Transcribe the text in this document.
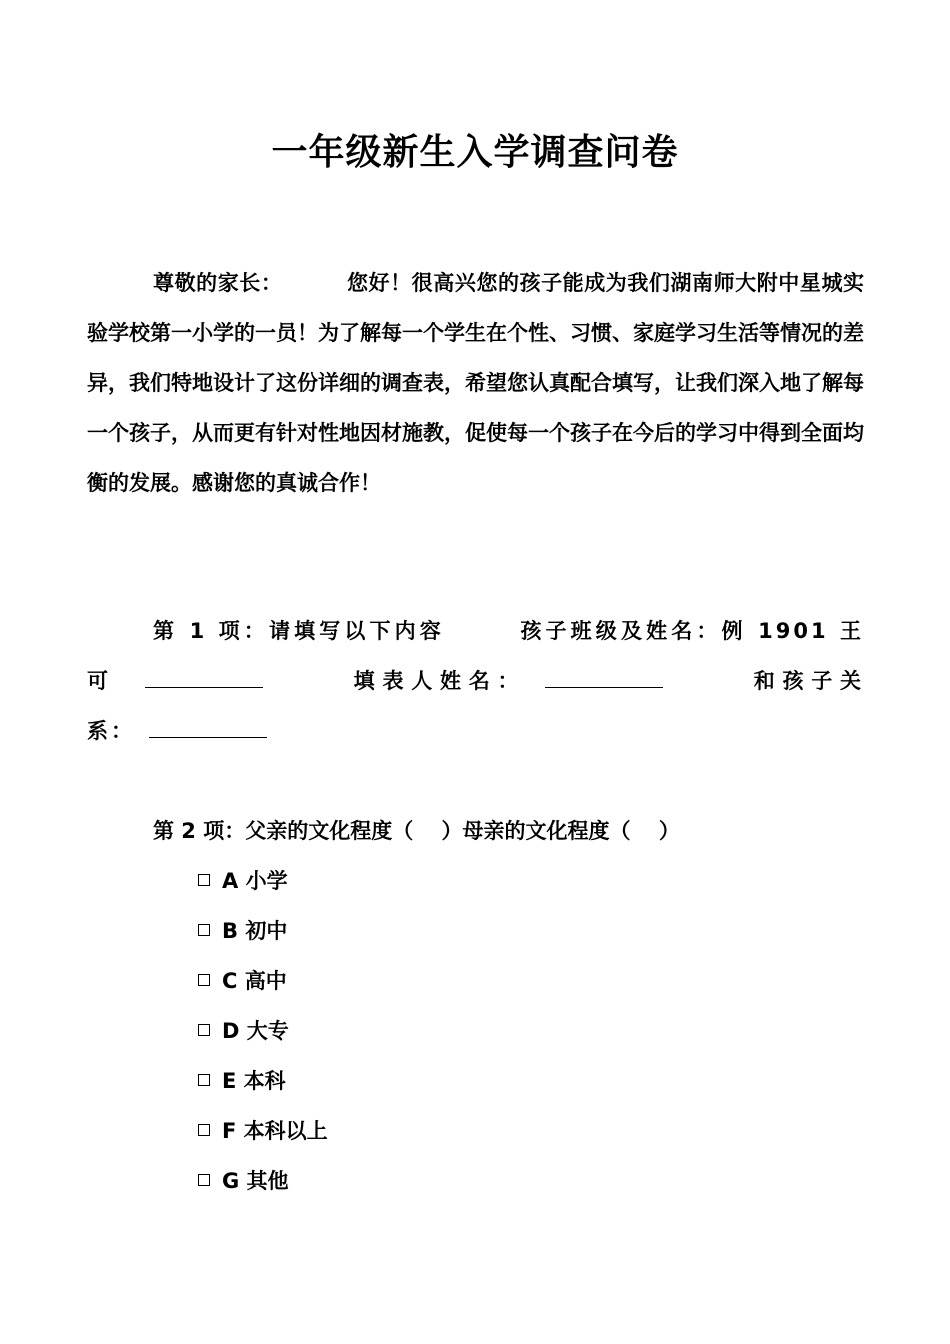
一年级新生入学调查问卷
尊敬的家长：	您好！很高兴您的孩子能成为我们湖南师大附中星城实验学校第一小学的一员！为了解每一个学生在个性、习惯、家庭学习生活等情况的差异，我们特地设计了这份详细的调查表，希望您认真配合填写，让我们深入地了解每一个孩子，从而更有针对性地因材施教，促使每一个孩子在今后的学习中得到全面均衡的发展。感谢您的真诚合作！
第 1 项：请填写以下内容　　　	孩子班级及姓名：例 1901 王
可　　　　	填表人姓名：　　　　	和孩子关
系：　
第 2 项：父亲的文化程度（　 ）母亲的文化程度（　 ）
A 小学
B 初中
C 高中
D 大专
E 本科
F 本科以上
G 其他
